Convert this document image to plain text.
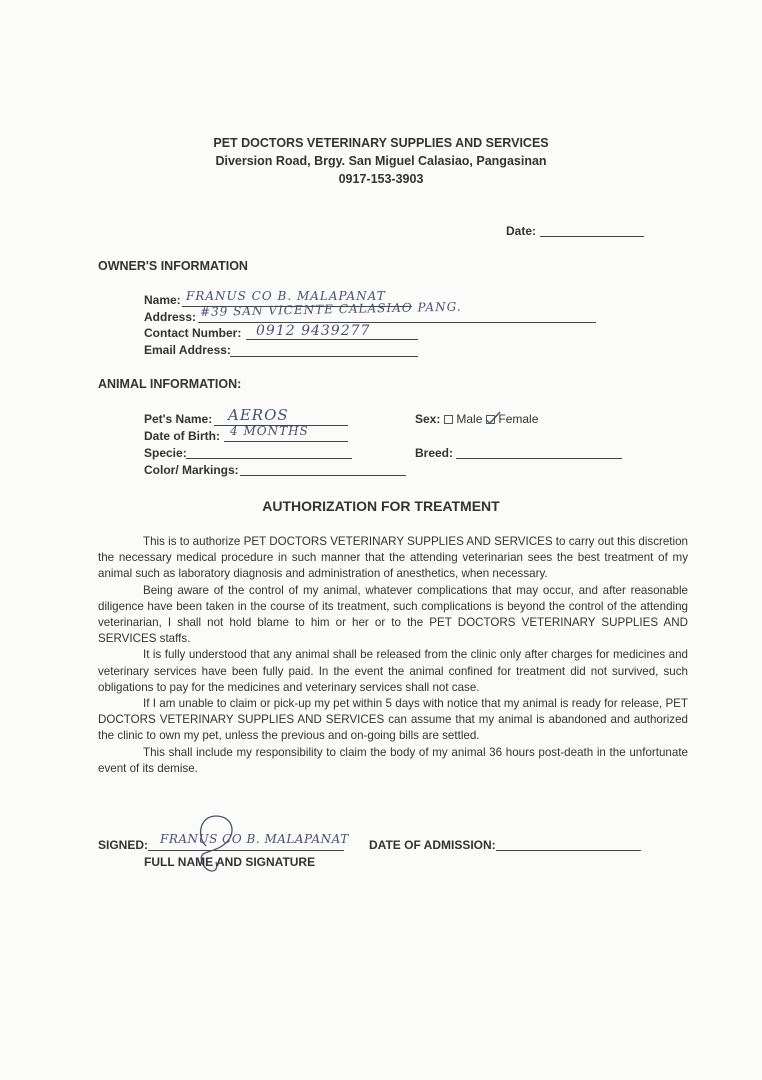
PET DOCTORS VETERINARY SUPPLIES AND SERVICES
Diversion Road, Brgy. San Miguel Calasiao, Pangasinan
0917-153-3903
Date:
OWNER'S INFORMATION
Name: FRANUS CO B. MALAPANAT
Address: #39 SAN VICENTE CALASIAO PANG.
Contact Number: 0912 9439277
Email Address:
ANIMAL INFORMATION:
Pet's Name: AEROS
Date of Birth: 4 MONTHS
Specie:
Color/ Markings:
Sex: Male Female
Breed:
AUTHORIZATION FOR TREATMENT

This is to authorize PET DOCTORS VETERINARY SUPPLIES AND SERVICES to carry out this discretion the necessary medical procedure in such manner that the attending veterinarian sees the best treatment of my animal such as laboratory diagnosis and administration of anesthetics, when necessary.

Being aware of the control of my animal, whatever complications that may occur, and after reasonable diligence have been taken in the course of its treatment, such complications is beyond the control of the attending veterinarian, I shall not hold blame to him or her or to the PET DOCTORS VETERINARY SUPPLIES AND SERVICES staffs.

It is fully understood that any animal shall be released from the clinic only after charges for medicines and veterinary services have been fully paid. In the event the animal confined for treatment did not survived, such obligations to pay for the medicines and veterinary services shall not case.

If I am unable to claim or pick-up my pet within 5 days with notice that my animal is ready for release, PET DOCTORS VETERINARY SUPPLIES AND SERVICES can assume that my animal is abandoned and authorized the clinic to own my pet, unless the previous and on-going bills are settled.

This shall include my responsibility to claim the body of my animal 36 hours post-death in the unfortunate event of its demise.

SIGNED: FRANUS CO B. MALAPANAT
FULL NAME AND SIGNATURE
DATE OF ADMISSION:
